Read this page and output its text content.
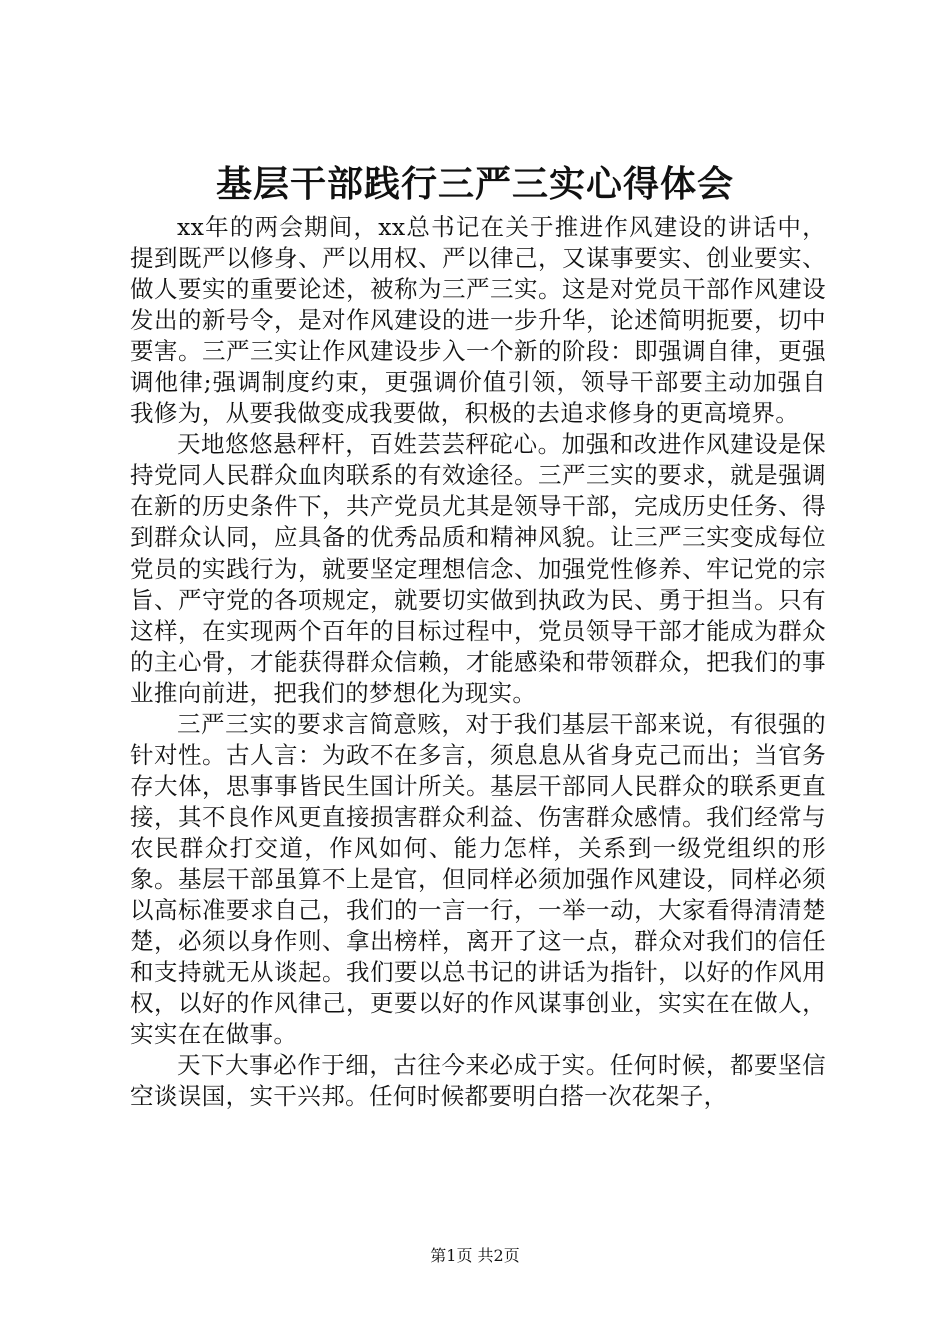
基层干部践行三严三实心得体会

xx年的两会期间，xx总书记在关于推进作风建设的讲话中，提到既严以修身、严以用权、严以律己，又谋事要实、创业要实、做人要实的重要论述，被称为三严三实。这是对党员干部作风建设发出的新号令，是对作风建设的进一步升华，论述简明扼要，切中要害。三严三实让作风建设步入一个新的阶段：即强调自律，更强调他律;强调制度约束，更强调价值引领，领导干部要主动加强自我修为，从要我做变成我要做，积极的去追求修身的更高境界。

天地悠悠悬秤杆，百姓芸芸秤砣心。加强和改进作风建设是保持党同人民群众血肉联系的有效途径。三严三实的要求，就是强调在新的历史条件下，共产党员尤其是领导干部，完成历史任务、得到群众认同，应具备的优秀品质和精神风貌。让三严三实变成每位党员的实践行为，就要坚定理想信念、加强党性修养、牢记党的宗旨、严守党的各项规定，就要切实做到执政为民、勇于担当。只有这样，在实现两个百年的目标过程中，党员领导干部才能成为群众的主心骨，才能获得群众信赖，才能感染和带领群众，把我们的事业推向前进，把我们的梦想化为现实。

三严三实的要求言简意赅，对于我们基层干部来说，有很强的针对性。古人言：为政不在多言，须息息从省身克己而出；当官务存大体，思事事皆民生国计所关。基层干部同人民群众的联系更直接，其不良作风更直接损害群众利益、伤害群众感情。我们经常与农民群众打交道，作风如何、能力怎样，关系到一级党组织的形象。基层干部虽算不上是官，但同样必须加强作风建设，同样必须以高标准要求自己，我们的一言一行，一举一动，大家看得清清楚楚，必须以身作则、拿出榜样，离开了这一点，群众对我们的信任和支持就无从谈起。我们要以总书记的讲话为指针，以好的作风用权，以好的作风律己，更要以好的作风谋事创业，实实在在做人，实实在在做事。

天下大事必作于细，古往今来必成于实。任何时候，都要坚信空谈误国，实干兴邦。任何时候都要明白搭一次花架子，

第1页 共2页
